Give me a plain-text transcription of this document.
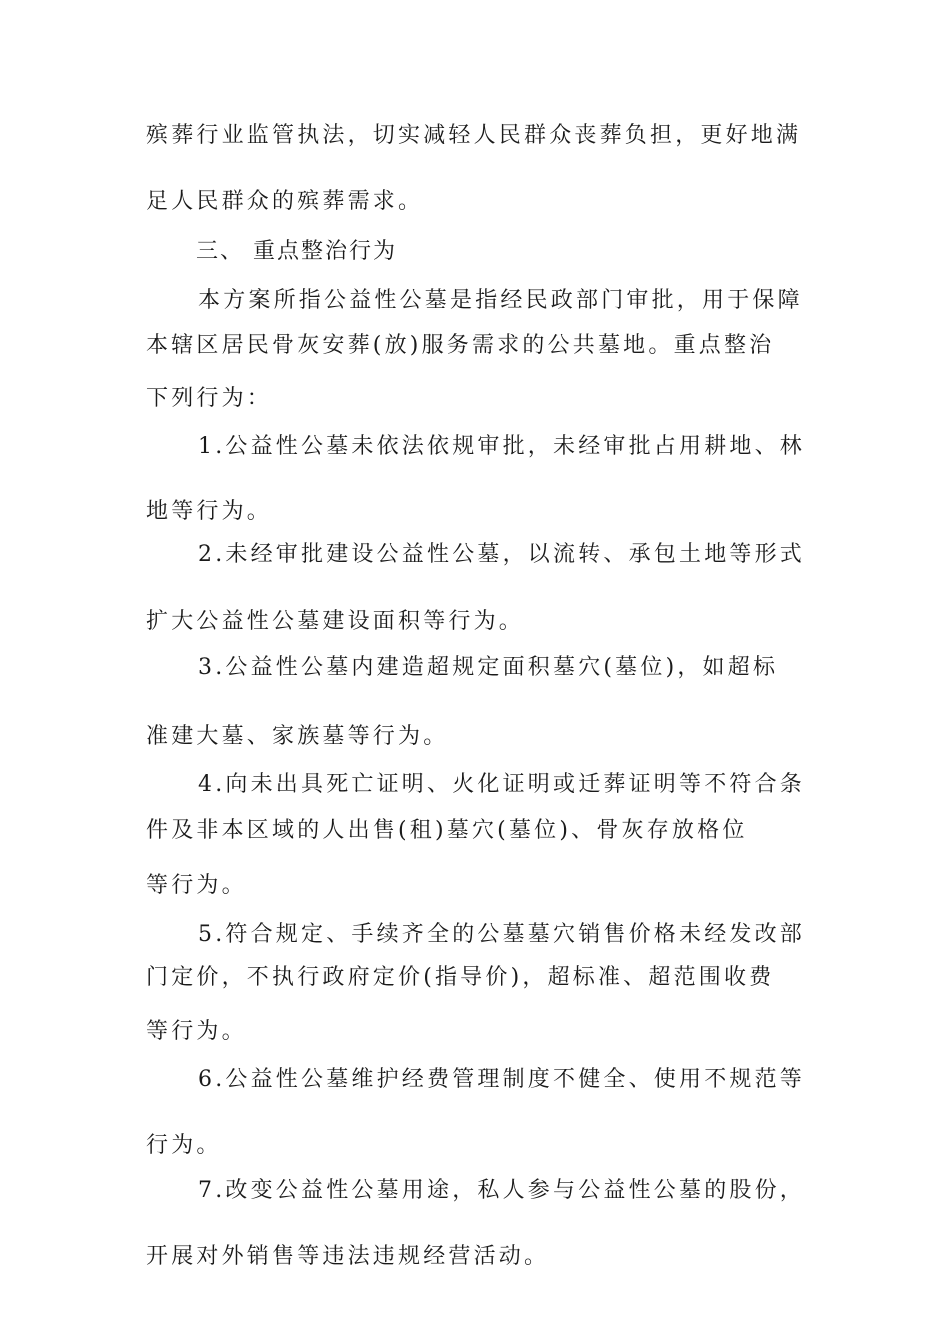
殡葬行业监管执法，切实减轻人民群众丧葬负担，更好地满
足人民群众的殡葬需求。
三、 重点整治行为
本方案所指公益性公墓是指经民政部门审批，用于保障
本辖区居民骨灰安葬(放)服务需求的公共墓地。重点整治
下列行为：
1.公益性公墓未依法依规审批，未经审批占用耕地、林
地等行为。
2.未经审批建设公益性公墓，以流转、承包土地等形式
扩大公益性公墓建设面积等行为。
3.公益性公墓内建造超规定面积墓穴(墓位)，如超标
准建大墓、家族墓等行为。
4.向未出具死亡证明、火化证明或迁葬证明等不符合条
件及非本区域的人出售(租)墓穴(墓位)、骨灰存放格位
等行为。
5.符合规定、手续齐全的公墓墓穴销售价格未经发改部
门定价，不执行政府定价(指导价)，超标准、超范围收费
等行为。
6.公益性公墓维护经费管理制度不健全、使用不规范等
行为。
7.改变公益性公墓用途，私人参与公益性公墓的股份，
开展对外销售等违法违规经营活动。
